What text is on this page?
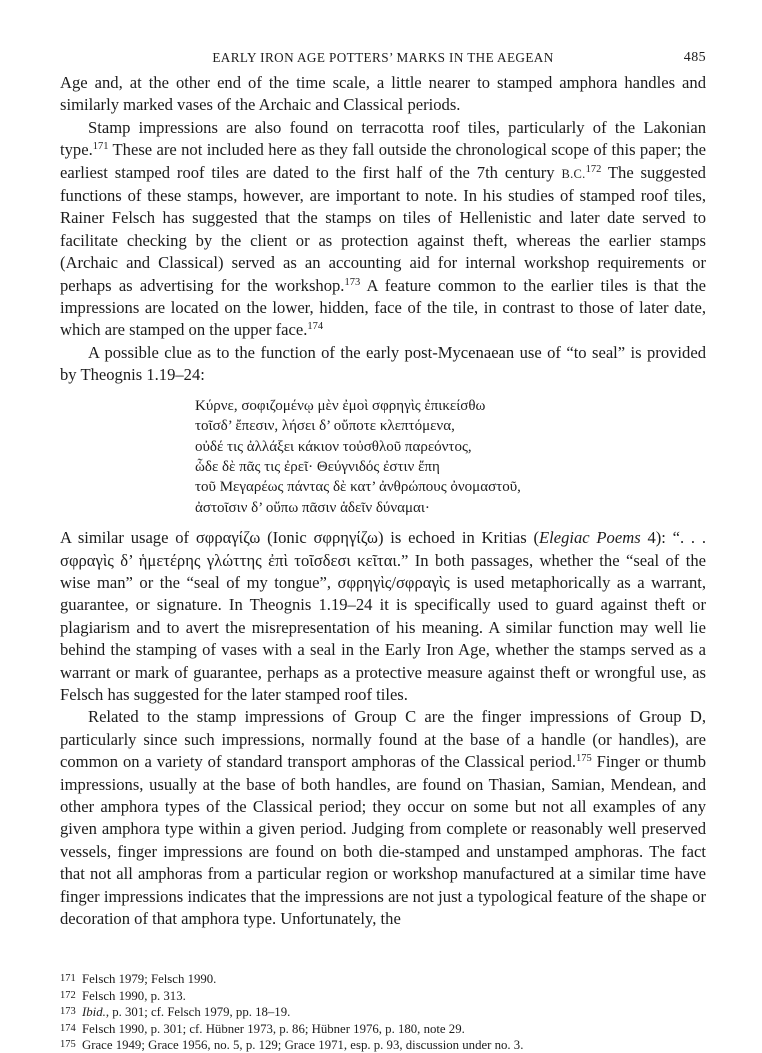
EARLY IRON AGE POTTERS’ MARKS IN THE AEGEAN	485

Age and, at the other end of the time scale, a little nearer to stamped amphora handles and similarly marked vases of the Archaic and Classical periods.

Stamp impressions are also found on terracotta roof tiles, particularly of the Lakonian type.$^{171}$ These are not included here as they fall outside the chronological scope of this paper; the earliest stamped roof tiles are dated to the first half of the 7th century B.C.$^{172}$ The suggested functions of these stamps, however, are important to note. In his studies of stamped roof tiles, Rainer Felsch has suggested that the stamps on tiles of Hellenistic and later date served to facilitate checking by the client or as protection against theft, whereas the earlier stamps (Archaic and Classical) served as an accounting aid for internal workshop requirements or perhaps as advertising for the workshop.$^{173}$ A feature common to the earlier tiles is that the impressions are located on the lower, hidden, face of the tile, in contrast to those of later date, which are stamped on the upper face.$^{174}$

A possible clue as to the function of the early post-Mycenaean use of “to seal” is provided by Theognis 1.19–24:

Κύρνε, σοφιζομένῳ μὲν ἐμοὶ σφρηγὶς ἐπικείσθω
τοῖσδ’ ἔπεσιν, λήσει δ’ οὔποτε κλεπτόμενα,
οὐδέ τις ἀλλάξει κάκιον τοὐσθλοῦ παρεόντος,
ὧδε δὲ πᾶς τις ἐρεῖ· Θεύγνιδός ἐστιν ἔπη
τοῦ Μεγαρέως πάντας δὲ κατ’ ἀνθρώπους ὀνομαστοῦ,
ἀστοῖσιν δ’ οὔπω πᾶσιν ἁδεῖν δύναμαι·

A similar usage of σφραγίζω (Ionic σφρηγίζω) is echoed in Kritias (Elegiac Poems 4): “. . . σφραγὶς δ’ ἡμετέρης γλώττης ἐπὶ τοῖσδεσι κεῖται.” In both passages, whether the “seal of the wise man” or the “seal of my tongue”, σφρηγὶς/σφραγὶς is used metaphorically as a warrant, guarantee, or signature. In Theognis 1.19–24 it is specifically used to guard against theft or plagiarism and to avert the misrepresentation of his meaning. A similar function may well lie behind the stamping of vases with a seal in the Early Iron Age, whether the stamps served as a warrant or mark of guarantee, perhaps as a protective measure against theft or wrongful use, as Felsch has suggested for the later stamped roof tiles.

Related to the stamp impressions of Group C are the finger impressions of Group D, particularly since such impressions, normally found at the base of a handle (or handles), are common on a variety of standard transport amphoras of the Classical period.$^{175}$ Finger or thumb impressions, usually at the base of both handles, are found on Thasian, Samian, Mendean, and other amphora types of the Classical period; they occur on some but not all examples of any given amphora type within a given period. Judging from complete or reasonably well preserved vessels, finger impressions are found on both die-stamped and unstamped amphoras. The fact that not all amphoras from a particular region or workshop manufactured at a similar time have finger impressions indicates that the impressions are not just a typological feature of the shape or decoration of that amphora type. Unfortunately, the

171 Felsch 1979; Felsch 1990.
172 Felsch 1990, p. 313.
173 Ibid., p. 301; cf. Felsch 1979, pp. 18–19.
174 Felsch 1990, p. 301; cf. Hübner 1973, p. 86; Hübner 1976, p. 180, note 29.
175 Grace 1949; Grace 1956, no. 5, p. 129; Grace 1971, esp. p. 93, discussion under no. 3.
